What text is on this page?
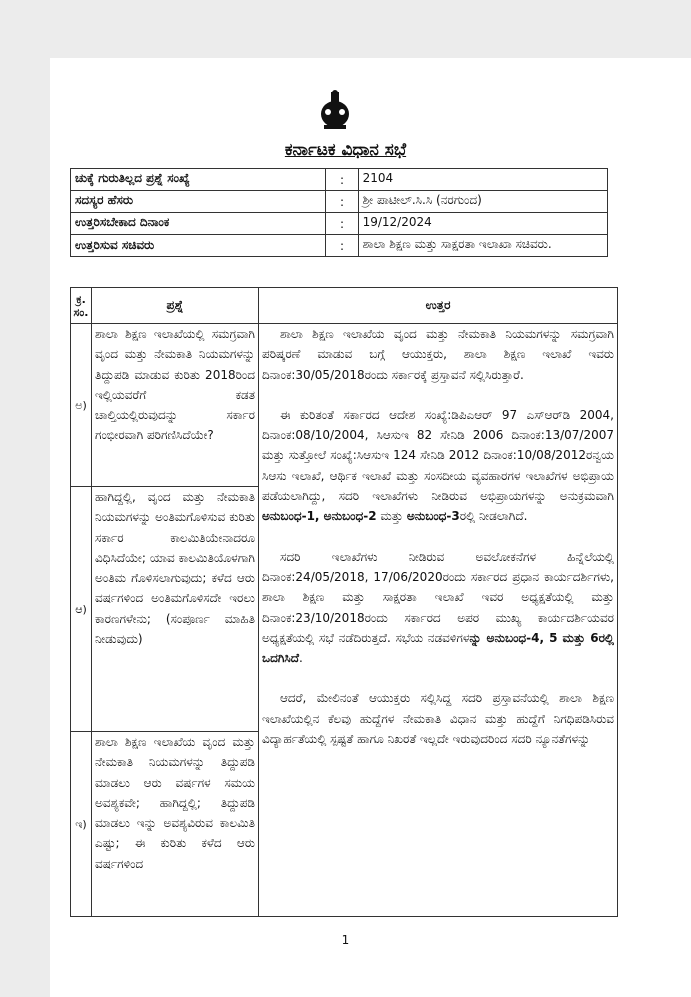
ಕರ್ನಾಟಕ ವಿಧಾನ ಸಭೆ
ಚುಕ್ಕೆ ಗುರುತಿಲ್ಲದ ಪ್ರಶ್ನೆ ಸಂಖ್ಯೆ	:	2104
ಸದಸ್ಯರ ಹೆಸರು	:	ಶ್ರೀ ಪಾಟೀಲ್.ಸಿ.ಸಿ (ನರಗುಂದ)
ಉತ್ತರಿಸಬೇಕಾದ ದಿನಾಂಕ	:	19/12/2024
ಉತ್ತರಿಸುವ ಸಚಿವರು	:	ಶಾಲಾ ಶಿಕ್ಷಣ ಮತ್ತು ಸಾಕ್ಷರತಾ ಇಲಾಖಾ ಸಚಿವರು.
ಕ್ರ. ಸಂ.	ಪ್ರಶ್ನೆ	ಉತ್ತರ
ಅ)	ಶಾಲಾ ಶಿಕ್ಷಣ ಇಲಾಖೆಯಲ್ಲಿ ಸಮಗ್ರವಾಗಿ ವೃಂದ ಮತ್ತು ನೇಮಕಾತಿ ನಿಯಮಗಳನ್ನು ತಿದ್ದುಪಡಿ ಮಾಡುವ ಕುರಿತು 2018ರಿಂದ ಇಲ್ಲಿಯವರೆಗೆ ಕಡತ ಚಾಲ್ತಿಯಲ್ಲಿರುವುದನ್ನು ಸರ್ಕಾರ ಗಂಭೀರವಾಗಿ ಪರಿಗಣಿಸಿದೆಯೇ?	ಶಾಲಾ ಶಿಕ್ಷಣ ಇಲಾಖೆಯ ವೃಂದ ಮತ್ತು ನೇಮಕಾತಿ ನಿಯಮಗಳನ್ನು ಸಮಗ್ರವಾಗಿ ಪರಿಷ್ಕರಣೆ ಮಾಡುವ ಬಗ್ಗೆ ಆಯುಕ್ತರು, ಶಾಲಾ ಶಿಕ್ಷಣ ಇಲಾಖೆ ಇವರು ದಿನಾಂಕ:30/05/2018ರಂದು ಸರ್ಕಾರಕ್ಕೆ ಪ್ರಸ್ತಾವನೆ ಸಲ್ಲಿಸಿರುತ್ತಾರೆ.

ಈ ಕುರಿತಂತೆ ಸರ್ಕಾರದ ಆದೇಶ ಸಂಖ್ಯೆ:ಡಿಪಿಎಆರ್ 97 ಎಸ್‌ಆರ್‌ಡಿ 2004, ದಿನಾಂಕ:08/10/2004, ಸಿಆಸುಇ 82 ಸೇನಿಡಿ 2006 ದಿನಾಂಕ:13/07/2007 ಮತ್ತು ಸುತ್ತೋಲೆ ಸಂಖ್ಯೆ:ಸಿಆಸುಇ 124 ಸೇನಿಡಿ 2012 ದಿನಾಂಕ:10/08/2012ರನ್ವಯ ಸಿಆಸು ಇಲಾಖೆ, ಆರ್ಥಿಕ ಇಲಾಖೆ ಮತ್ತು ಸಂಸದೀಯ ವ್ಯವಹಾರಗಳ ಇಲಾಖೆಗಳ ಅಭಿಪ್ರಾಯ ಪಡೆಯಲಾಗಿದ್ದು, ಸದರಿ ಇಲಾಖೆಗಳು ನೀಡಿರುವ ಅಭಿಪ್ರಾಯಗಳನ್ನು ಅನುಕ್ರಮವಾಗಿ ಅನುಬಂಧ-1, ಅನುಬಂಧ-2 ಮತ್ತು ಅನುಬಂಧ-3ರಲ್ಲಿ ನೀಡಲಾಗಿದೆ.

ಸದರಿ ಇಲಾಖೆಗಳು ನೀಡಿರುವ ಅವಲೋಕನೆಗಳ ಹಿನ್ನೆಲೆಯಲ್ಲಿ ದಿನಾಂಕ:24/05/2018, 17/06/2020ರಂದು ಸರ್ಕಾರದ ಪ್ರಧಾನ ಕಾರ್ಯದರ್ಶಿಗಳು, ಶಾಲಾ ಶಿಕ್ಷಣ ಮತ್ತು ಸಾಕ್ಷರತಾ ಇಲಾಖೆ ಇವರ ಅಧ್ಯಕ್ಷತೆಯಲ್ಲಿ ಮತ್ತು ದಿನಾಂಕ:23/10/2018ರಂದು ಸರ್ಕಾರದ ಅಪರ ಮುಖ್ಯ ಕಾರ್ಯದರ್ಶಿಯವರ ಅಧ್ಯಕ್ಷತೆಯಲ್ಲಿ ಸಭೆ ನಡೆದಿರುತ್ತದೆ. ಸಭೆಯ ನಡವಳಿಗಳನ್ನು ಅನುಬಂಧ-4, 5 ಮತ್ತು 6ರಲ್ಲಿ ಒದಗಿಸಿದೆ.

ಆದರೆ, ಮೇಲಿನಂತೆ ಆಯುಕ್ತರು ಸಲ್ಲಿಸಿದ್ದ ಸದರಿ ಪ್ರಸ್ತಾವನೆಯಲ್ಲಿ ಶಾಲಾ ಶಿಕ್ಷಣ ಇಲಾಖೆಯಲ್ಲಿನ ಕೆಲವು ಹುದ್ದೆಗಳ ನೇಮಕಾತಿ ವಿಧಾನ ಮತ್ತು ಹುದ್ದೆಗೆ ನಿಗಧಿಪಡಿಸಿರುವ ವಿದ್ಯಾರ್ಹತೆಯಲ್ಲಿ ಸ್ಪಷ್ಟತೆ ಹಾಗೂ ನಿಖರತೆ ಇಲ್ಲದೇ ಇರುವುದರಿಂದ ಸದರಿ ನ್ಯೂನತೆಗಳನ್ನು

ಆ)	ಹಾಗಿದ್ದಲ್ಲಿ, ವೃಂದ ಮತ್ತು ನೇಮಕಾತಿ ನಿಯಮಗಳನ್ನು ಅಂತಿಮಗೊಳಿಸುವ ಕುರಿತು ಸರ್ಕಾರ ಕಾಲಮಿತಿಯೇನಾದರೂ ವಿಧಿಸಿದೆಯೇ; ಯಾವ ಕಾಲಮಿತಿಯೊಳಗಾಗಿ ಅಂತಿಮ ಗೊಳಿಸಲಾಗುವುದು; ಕಳೆದ ಆರು ವರ್ಷಗಳಿಂದ ಅಂತಿಮಗೊಳಿಸದೇ ಇರಲು ಕಾರಣಗಳೇನು; (ಸಂಪೂರ್ಣ ಮಾಹಿತಿ ನೀಡುವುದು)	
ಇ)	ಶಾಲಾ ಶಿಕ್ಷಣ ಇಲಾಖೆಯ ವೃಂದ ಮತ್ತು ನೇಮಕಾತಿ ನಿಯಮಗಳನ್ನು ತಿದ್ದುಪಡಿ ಮಾಡಲು ಆರು ವರ್ಷಗಳ ಸಮಯ ಅವಶ್ಯಕವೇ; ಹಾಗಿದ್ದಲ್ಲಿ; ತಿದ್ದುಪಡಿ ಮಾಡಲು ಇನ್ನು ಅವಶ್ಯವಿರುವ ಕಾಲಮಿತಿ ಎಷ್ಟು; ಈ ಕುರಿತು ಕಳೆದ ಆರು ವರ್ಷಗಳಿಂದ	
1
